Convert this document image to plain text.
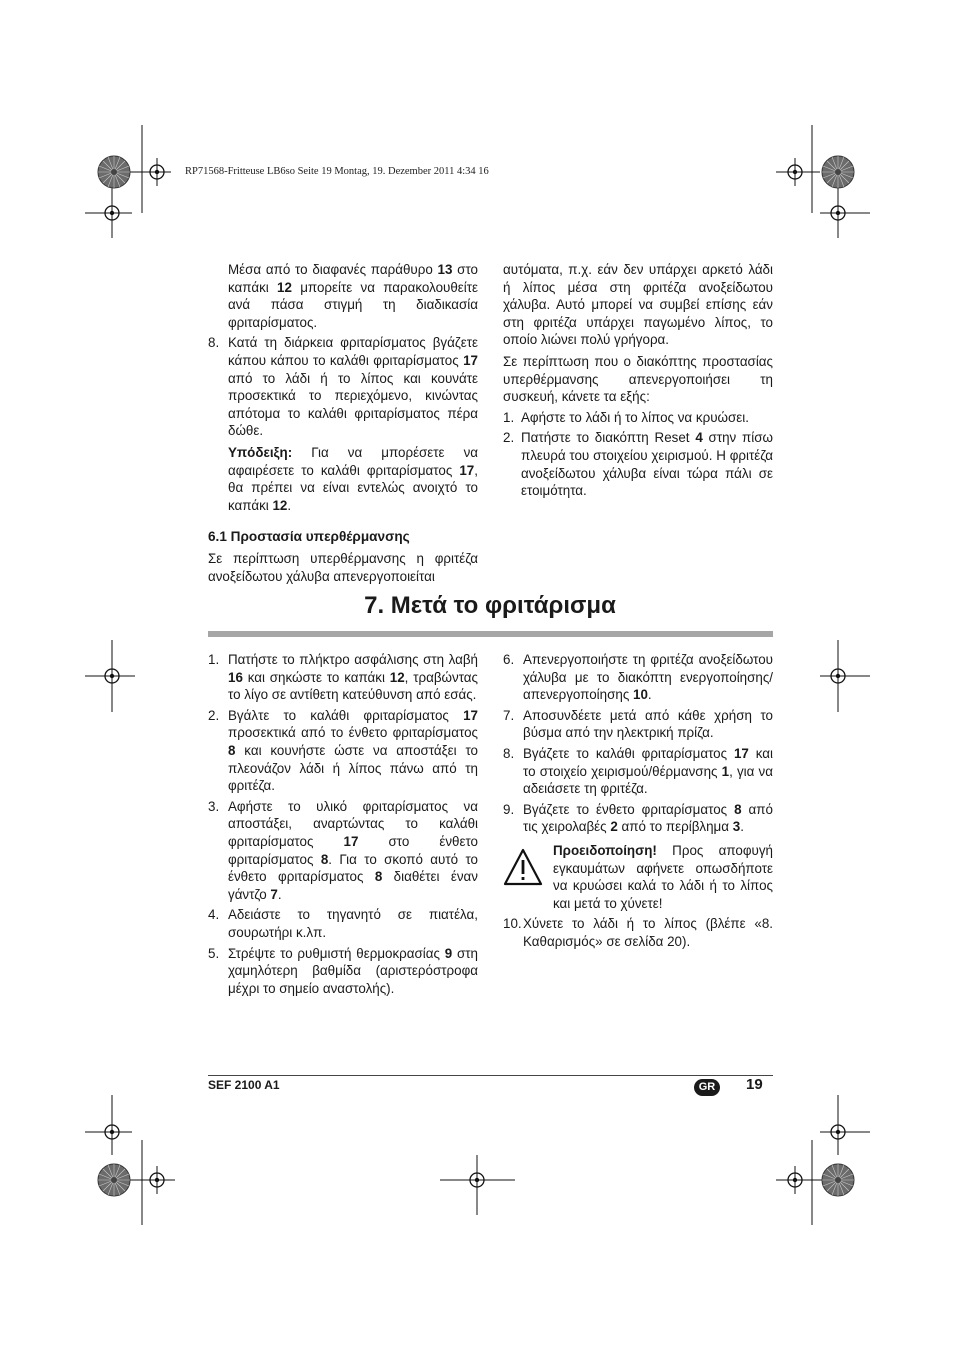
RP71568-Fritteuse LB6so Seite 19 Montag, 19. Dezember 2011 4:34 16

Μέσα από το διαφανές παράθυρο 13 στο καπάκι 12 μπορείτε να παρακολουθείτε ανά πάσα στιγμή τη διαδικασία φριταρίσματος.

8. Κατά τη διάρκεια φριταρίσματος βγάζετε κάπου κάπου το καλάθι φριταρίσματος 17 από το λάδι ή το λίπος και κουνάτε προσεκτικά το περιεχόμενο, κινώντας απότομα το καλάθι φριταρίσματος πέρα δώθε.

Υπόδειξη: Για να μπορέσετε να αφαιρέσετε το καλάθι φριταρίσματος 17, θα πρέπει να είναι εντελώς ανοιχτό το καπάκι 12.

6.1 Προστασία υπερθέρμανσης

Σε περίπτωση υπερθέρμανσης η φριτέζα ανοξείδωτου χάλυβα απενεργοποιείται

αυτόματα, π.χ. εάν δεν υπάρχει αρκετό λάδι ή λίπος μέσα στη φριτέζα ανοξείδωτου χάλυβα. Αυτό μπορεί να συμβεί επίσης εάν στη φριτέζα υπάρχει παγωμένο λίπος, το οποίο λιώνει πολύ γρήγορα.

Σε περίπτωση που ο διακόπτης προστασίας υπερθέρμανσης απενεργοποιήσει τη συσκευή, κάνετε τα εξής:

1. Αφήστε το λάδι ή το λίπος να κρυώσει.
2. Πατήστε το διακόπτη Reset 4 στην πίσω πλευρά του στοιχείου χειρισμού. Η φριτέζα ανοξείδωτου χάλυβα είναι τώρα πάλι σε ετοιμότητα.
7. Μετά το φριτάρισμα
1. Πατήστε το πλήκτρο ασφάλισης στη λαβή 16 και σηκώστε το καπάκι 12, τραβώντας το λίγο σε αντίθετη κατεύθυνση από εσάς.
2. Βγάλτε το καλάθι φριταρίσματος 17 προσεκτικά από το ένθετο φριταρίσματος 8 και κουνήστε ώστε να αποστάξει το πλεονάζον λάδι ή λίπος πάνω από τη φριτέζα.
3. Αφήστε το υλικό φριταρίσματος να αποστάξει, αναρτώντας το καλάθι φριταρίσματος 17 στο ένθετο φριταρίσματος 8. Για το σκοπό αυτό το ένθετο φριταρίσματος 8 διαθέτει έναν γάντζο 7.
4. Αδειάστε το τηγανητό σε πιατέλα, σουρωτήρι κ.λπ.
5. Στρέψτε το ρυθμιστή θερμοκρασίας 9 στη χαμηλότερη βαθμίδα (αριστερόστροφα μέχρι το σημείο αναστολής).
6. Απενεργοποιήστε τη φριτέζα ανοξείδωτου χάλυβα με το διακόπτη ενεργοποίησης/ απενεργοποίησης 10.
7. Αποσυνδέετε μετά από κάθε χρήση το βύσμα από την ηλεκτρική πρίζα.
8. Βγάζετε το καλάθι φριταρίσματος 17 και το στοιχείο χειρισμού/θέρμανσης 1, για να αδειάσετε τη φριτέζα.
9. Βγάζετε το ένθετο φριταρίσματος 8 από τις χειρολαβές 2 από το περίβλημα 3.

Προειδοποίηση! Προς αποφυγή εγκαυμάτων αφήνετε οπωσδήποτε να κρυώσει καλά το λάδι ή το λίπος και μετά το χύνετε!

10. Χύνετε το λάδι ή το λίπος (βλέπε «8. Καθαρισμός» σε σελίδα 20).
SEF 2100 A1	GR	19
